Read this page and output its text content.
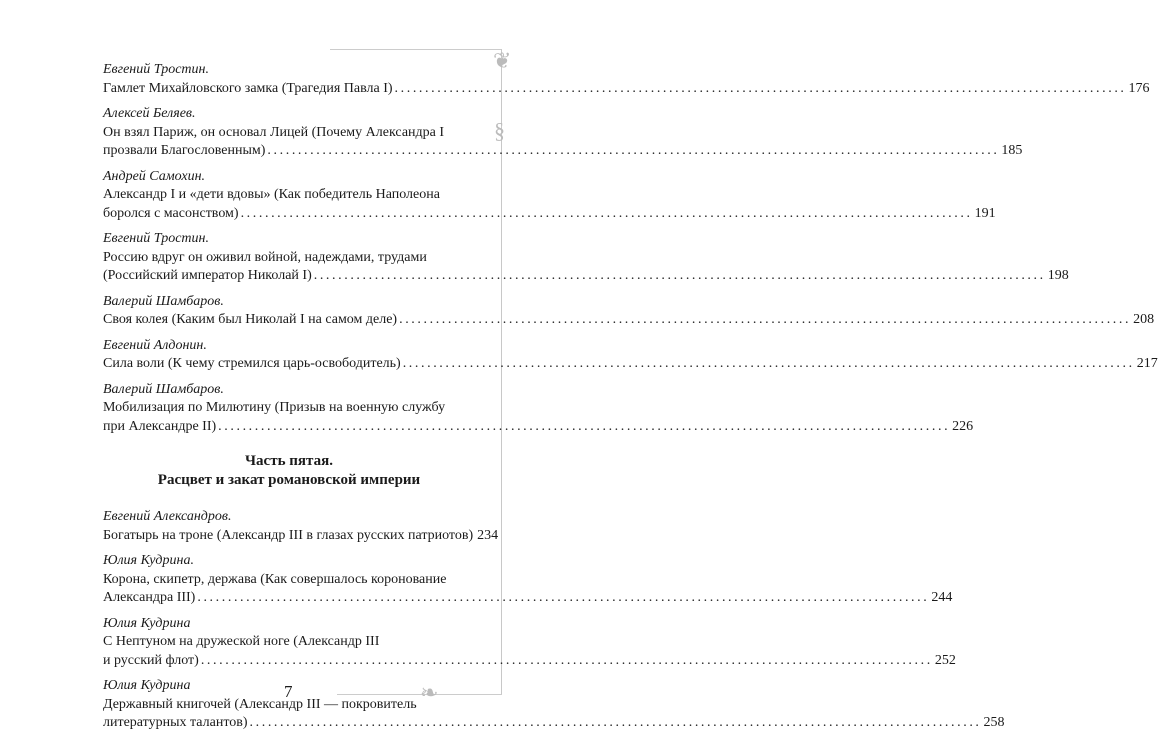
❦
§
❧
Евгений Тростин.
Гамлет Михайловского замка (Трагедия Павла I) ........................................................................................................................ 176
Алексей Беляев.
Он взял Париж, он основал Лицей (Почему Александра I
прозвали Благословенным) ........................................................................................................................ 185
Андрей Самохин.
Александр I и «дети вдовы» (Как победитель Наполеона
боролся с масонством) ........................................................................................................................ 191
Евгений Тростин.
Россию вдруг он оживил войной, надеждами, трудами
(Российский император Николай I) ........................................................................................................................ 198
Валерий Шамбаров.
Своя колея (Каким был Николай I на самом деле) ........................................................................................................................ 208
Евгений Алдонин.
Сила воли (К чему стремился царь-освободитель) ........................................................................................................................ 217
Валерий Шамбаров.
Мобилизация по Милютину (Призыв на военную службу
при Александре II) ........................................................................................................................ 226
Часть пятая.
Расцвет и закат романовской империи
Евгений Александров.
Богатырь на троне (Александр III в глазах русских патриотов) 234
Юлия Кудрина.
Корона, скипетр, держава (Как совершалось коронование
Александра III) ........................................................................................................................ 244
Юлия Кудрина
С Нептуном на дружеской ноге (Александр III
и русский флот) ........................................................................................................................ 252
Юлия Кудрина
Державный книгочей (Александр III — покровитель
литературных талантов) ........................................................................................................................ 258
7
